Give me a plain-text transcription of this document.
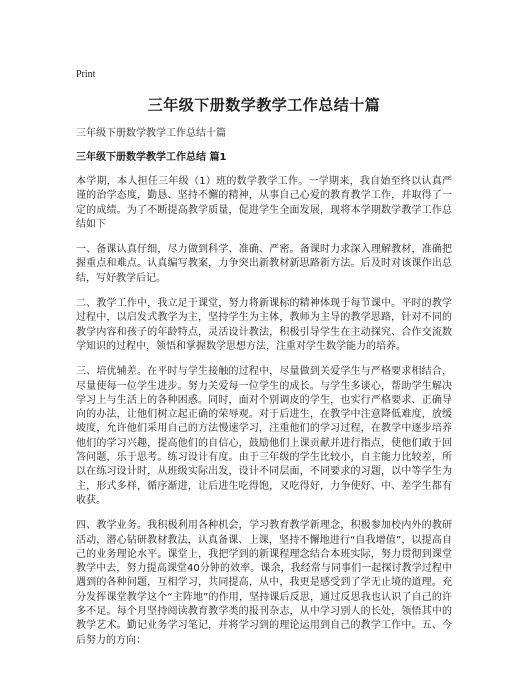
Print
三年级下册数学教学工作总结十篇
三年级下册数学教学工作总结十篇
三年级下册数学教学工作总结 篇1

本学期，本人担任三年级（1）班的数学教学工作。一学期来，我自始至终以认真严谨的治学态度，勤恳、坚持不懈的精神，从事自己心爱的教育教学工作，并取得了一定的成绩。为了不断提高教学质量，促进学生全面发展，现将本学期数学教学工作总结如下

一、备课认真仔细，尽力做到科学、准确、严密。备课时力求深入理解教材，准确把握重点和难点。认真编写教案，力争突出新教材新思路新方法。后及时对该课作出总结，写好教学后记。

二、教学工作中，我立足于课堂，努力将新课标的精神体现于每节课中。平时的教学过程中，以启发式教学为主，坚持学生为主体，教师为主导的教学思路，针对不同的教学内容和孩子的年龄特点，灵活设计教法，积极引导学生在主动探究、合作交流数学知识的过程中，领悟和掌握数学思想方法，注重对学生数学能力的培养。

三、培优辅差。在平时与学生接触的过程中，尽量做到关爱学生与严格要求相结合，尽量使每一位学生进步。努力关爱每一位学生的成长。与学生多谈心，帮助学生解决学习上与生活上的各种困惑。同时，面对个别调皮的学生，也实行严格要求、正确导向的办法，让他们树立起正确的荣辱观。对于后进生，在教学中注意降低难度，放缓坡度，允许他们采用自己的方法慢速学习，注重他们的学习过程，在教学中逐步培养他们的学习兴趣，提高他们的自信心，鼓励他们上课贡献并进行指点，使他们敢于回答问题，乐于思考。练习设计有度。由于三年级的学生比较小，自主能力比较差，所以在练习设计时，从班级实际出发，设计不同层面，不同要求的习题，以中等学生为主，形式多样，循序渐进，让后进生吃得饱，又吃得好，力争使好、中、差学生都有收获。

四、教学业务。我积极利用各种机会，学习教育教学新理念，积极参加校内外的教研活动，潜心钻研教材教法，认真备课、上课，坚持不懈地进行“自我增值”，以提高自己的业务理论水平。课堂上，我把学到的新课程理念结合本班实际，努力贯彻到课堂教学中去，努力提高课堂40分钟的效率。课余，我经常与同事们一起探讨教学过程中遇到的各种问题，互相学习，共同提高，从中，我更是感受到了学无止境的道理。充分发挥课堂教学这个“主阵地”的作用，坚持课后反思，通过反思我也认识了自己的许多不足。每个月坚持阅读教育教学类的报刊杂志，从中学习别人的长处，领悟其中的教学艺术。勤记业务学习笔记，并将学习到的理论运用到自己的教学工作中。五、今后努力的方向：
